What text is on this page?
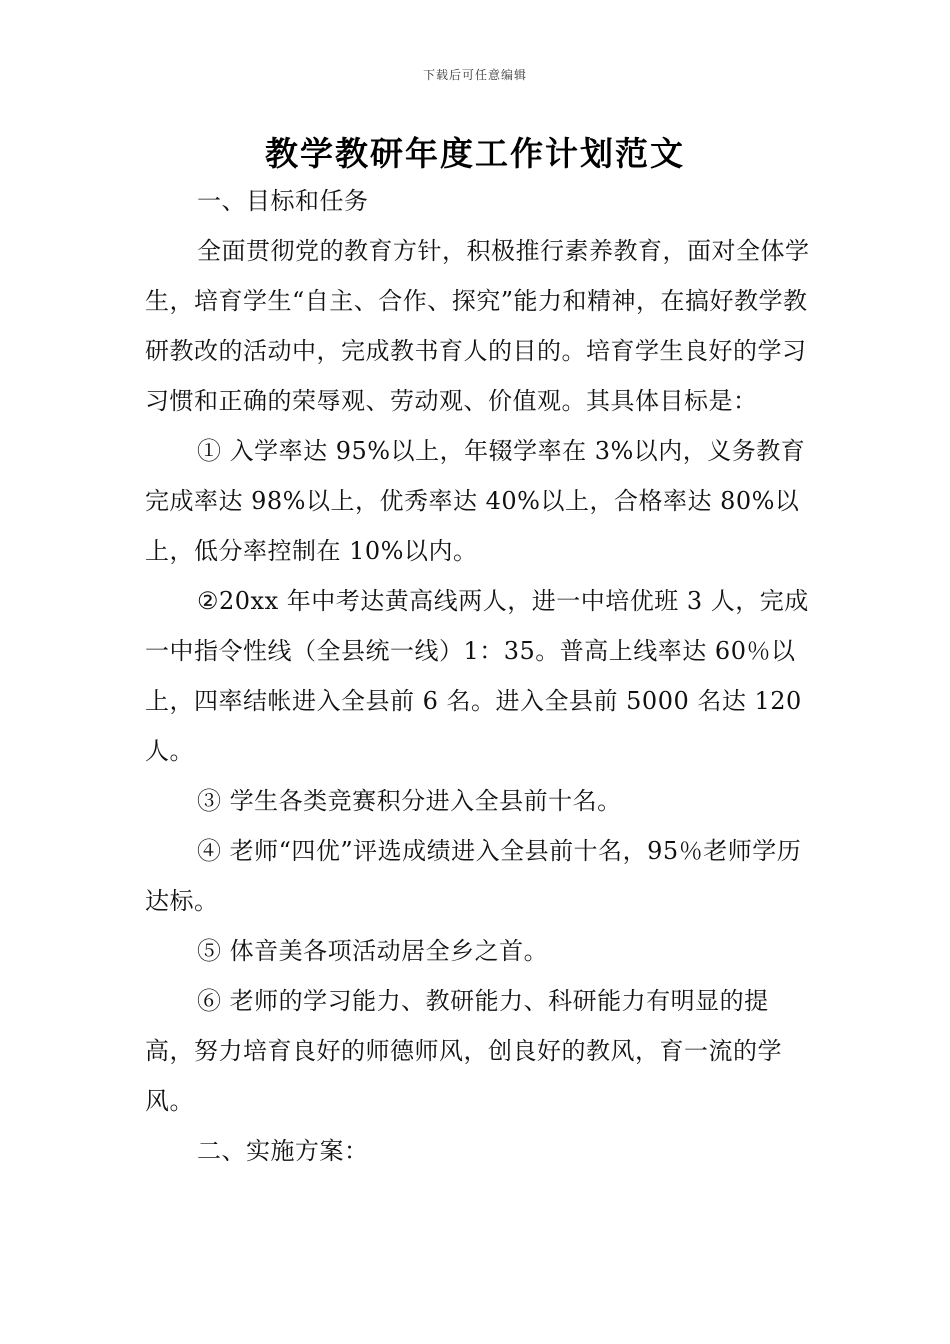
下载后可任意编辑
教学教研年度工作计划范文

一、目标和任务

全面贯彻党的教育方针，积极推行素养教育，面对全体学生，培育学生“自主、合作、探究”能力和精神，在搞好教学教研教改的活动中，完成教书育人的目的。培育学生良好的学习习惯和正确的荣辱观、劳动观、价值观。其具体目标是：

① 入学率达 95%以上，年辍学率在 3%以内，义务教育完成率达 98%以上，优秀率达 40%以上，合格率达 80%以上，低分率控制在 10%以内。

②20xx 年中考达黄高线两人，进一中培优班 3 人，完成一中指令性线（全县统一线）1：35。普高上线率达 60％以上，四率结帐进入全县前 6 名。进入全县前 5000 名达 120 人。

③ 学生各类竞赛积分进入全县前十名。

④ 老师“四优”评选成绩进入全县前十名，95％老师学历达标。

⑤ 体音美各项活动居全乡之首。

⑥ 老师的学习能力、教研能力、科研能力有明显的提高，努力培育良好的师德师风，创良好的教风，育一流的学风。

二、实施方案：
